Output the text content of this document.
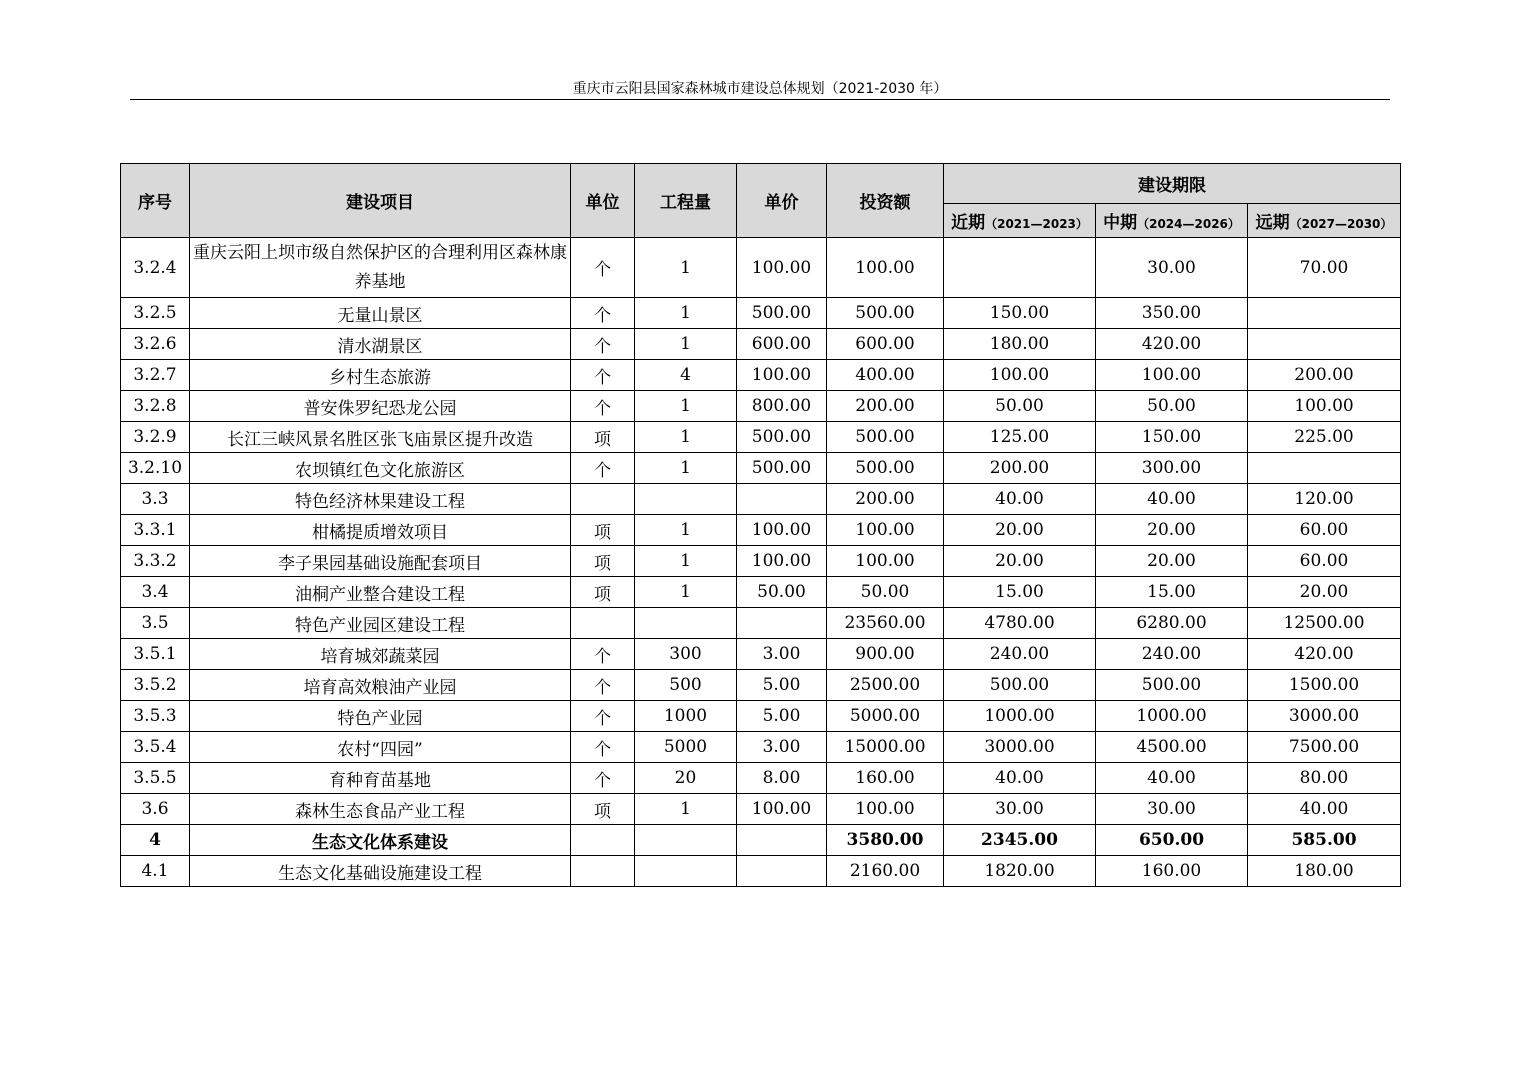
重庆市云阳县国家森林城市建设总体规划（2021-2030 年）
序号	建设项目	单位	工程量	单价	投资额	建设期限		
						近期（2021—2023）	中期（2024—2026）	远期（2027—2030）
3.2.4	重庆云阳上坝市级自然保护区的合理利用区森林康养基地	个	1	100.00	100.00		30.00	70.00
3.2.5	无量山景区	个	1	500.00	500.00	150.00	350.00	
3.2.6	清水湖景区	个	1	600.00	600.00	180.00	420.00	
3.2.7	乡村生态旅游	个	4	100.00	400.00	100.00	100.00	200.00
3.2.8	普安侏罗纪恐龙公园	个	1	800.00	200.00	50.00	50.00	100.00
3.2.9	长江三峡风景名胜区张飞庙景区提升改造	项	1	500.00	500.00	125.00	150.00	225.00
3.2.10	农坝镇红色文化旅游区	个	1	500.00	500.00	200.00	300.00	
3.3	特色经济林果建设工程				200.00	40.00	40.00	120.00
3.3.1	柑橘提质增效项目	项	1	100.00	100.00	20.00	20.00	60.00
3.3.2	李子果园基础设施配套项目	项	1	100.00	100.00	20.00	20.00	60.00
3.4	油桐产业整合建设工程	项	1	50.00	50.00	15.00	15.00	20.00
3.5	特色产业园区建设工程				23560.00	4780.00	6280.00	12500.00
3.5.1	培育城郊蔬菜园	个	300	3.00	900.00	240.00	240.00	420.00
3.5.2	培育高效粮油产业园	个	500	5.00	2500.00	500.00	500.00	1500.00
3.5.3	特色产业园	个	1000	5.00	5000.00	1000.00	1000.00	3000.00
3.5.4	农村“四园”	个	5000	3.00	15000.00	3000.00	4500.00	7500.00
3.5.5	育种育苗基地	个	20	8.00	160.00	40.00	40.00	80.00
3.6	森林生态食品产业工程	项	1	100.00	100.00	30.00	30.00	40.00
4	生态文化体系建设				3580.00	2345.00	650.00	585.00
4.1	生态文化基础设施建设工程				2160.00	1820.00	160.00	180.00
